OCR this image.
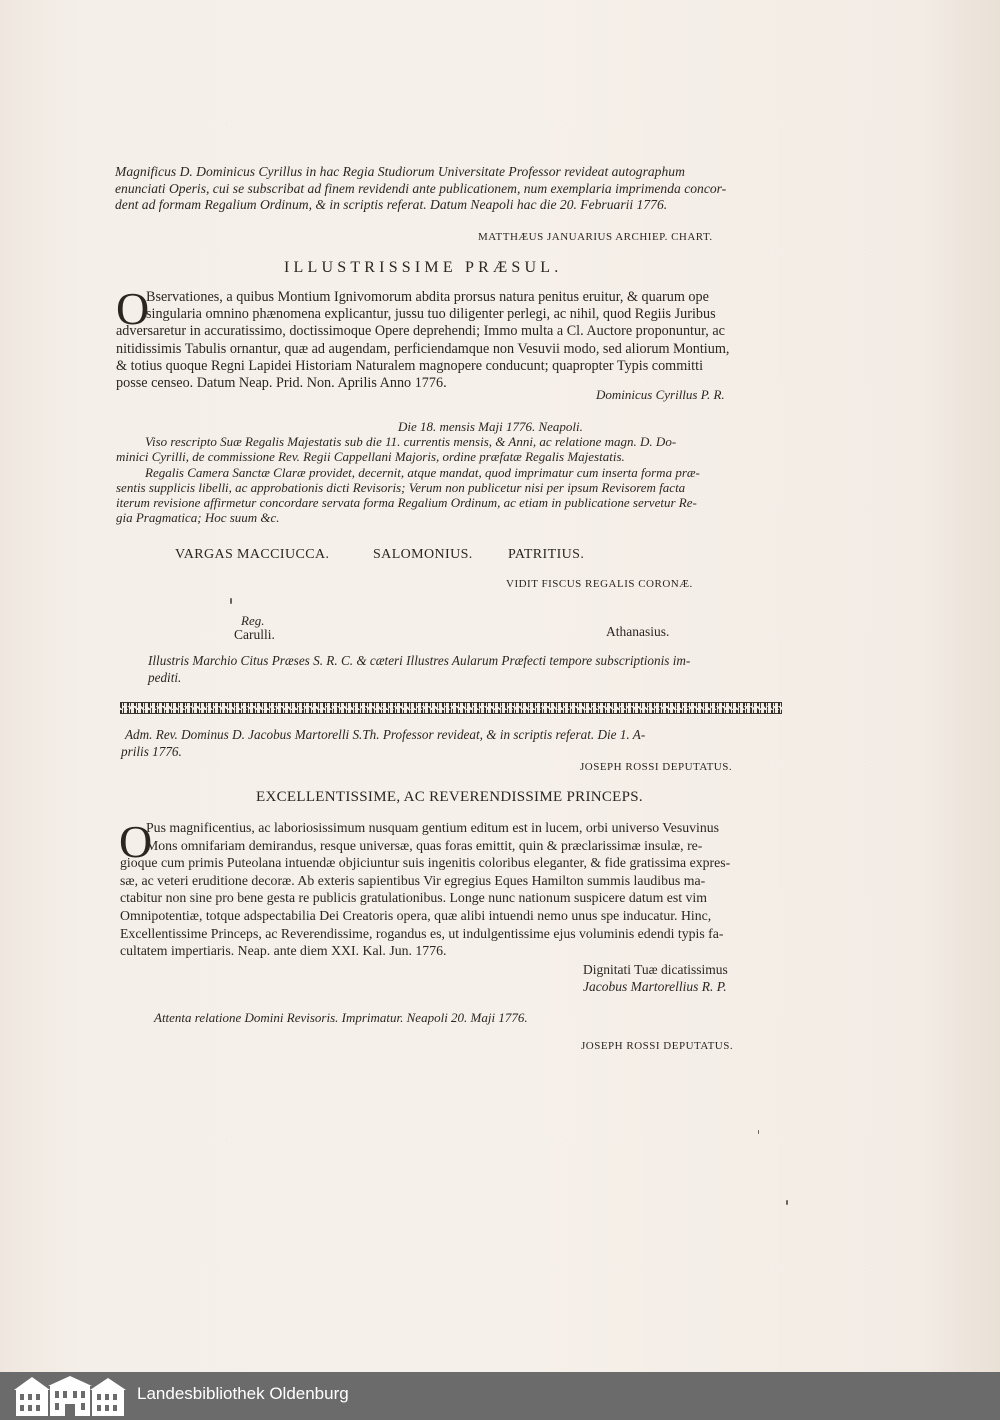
Magnificus D. Dominicus Cyrillus in hac Regia Studiorum Universitate Professor revideat autographum
enunciati Operis, cui se subscribat ad finem revidendi ante publicationem, num exemplaria imprimenda concor-
dent ad formam Regalium Ordinum, & in scriptis referat. Datum Neapoli hac die 20. Februarii 1776.
MATTHÆUS JANUARIUS ARCHIEP. CHART.
ILLUSTRISSIME PRÆSUL.
O
Bservationes, a quibus Montium Ignivomorum abdita prorsus natura penitus eruitur, & quarum ope
singularia omnino phænomena explicantur, jussu tuo diligenter perlegi, ac nihil, quod Regiis Juribus
adversaretur in accuratissimo, doctissimoque Opere deprehendi; Immo multa a Cl. Auctore proponuntur, ac
nitidissimis Tabulis ornantur, quæ ad augendam, perficiendamque non Vesuvii modo, sed aliorum Montium,
& totius quoque Regni Lapidei Historiam Naturalem magnopere conducunt; quapropter Typis committi
posse censeo. Datum Neap. Prid. Non. Aprilis Anno 1776.
Dominicus Cyrillus P. R.
Die 18. mensis Maji 1776. Neapoli.
Viso rescripto Suæ Regalis Majestatis sub die 11. currentis mensis, & Anni, ac relatione magn. D. Do-
minici Cyrilli, de commissione Rev. Regii Cappellani Majoris, ordine præfatæ Regalis Majestatis.
Regalis Camera Sanctæ Claræ providet, decernit, atque mandat, quod imprimatur cum inserta forma præ-
sentis supplicis libelli, ac approbationis dicti Revisoris; Verum non publicetur nisi per ipsum Revisorem facta
iterum revisione affirmetur concordare servata forma Regalium Ordinum, ac etiam in publicatione servetur Re-
gia Pragmatica; Hoc suum &c.
VARGAS MACCIUCCA.	SALOMONIUS.	PATRITIUS.
VIDIT FISCUS REGALIS CORONÆ.
Reg.
Carulli.	Athanasius.
Illustris Marchio Citus Præses S. R. C. & cæteri Illustres Aularum Præfecti tempore subscriptionis im-
pediti.
Adm. Rev. Dominus D. Jacobus Martorelli S.Th. Professor revideat, & in scriptis referat. Die 1. A-
prilis 1776.
JOSEPH ROSSI DEPUTATUS.
EXCELLENTISSIME, AC REVERENDISSIME PRINCEPS.
O
Pus magnificentius, ac laboriosissimum nusquam gentium editum est in lucem, orbi universo Vesuvinus
Mons omnifariam demirandus, resque universæ, quas foras emittit, quin & præclarissimæ insulæ, re-
gioque cum primis Puteolana intuendæ objiciuntur suis ingenitis coloribus eleganter, & fide gratissima expres-
sæ, ac veteri eruditione decoræ. Ab exteris sapientibus Vir egregius Eques Hamilton summis laudibus ma-
ctabitur non sine pro bene gesta re publicis gratulationibus. Longe nunc nationum suspicere datum est vim
Omnipotentiæ, totque adspectabilia Dei Creatoris opera, quæ alibi intuendi nemo unus spe inducatur. Hinc,
Excellentissime Princeps, ac Reverendissime, rogandus es, ut indulgentissime ejus voluminis edendi typis fa-
cultatem impertiaris. Neap. ante diem XXI. Kal. Jun. 1776.
Dignitati Tuæ dicatissimus
Jacobus Martorellius R. P.
Attenta relatione Domini Revisoris. Imprimatur. Neapoli 20. Maji 1776.
JOSEPH ROSSI DEPUTATUS.
Landesbibliothek Oldenburg
